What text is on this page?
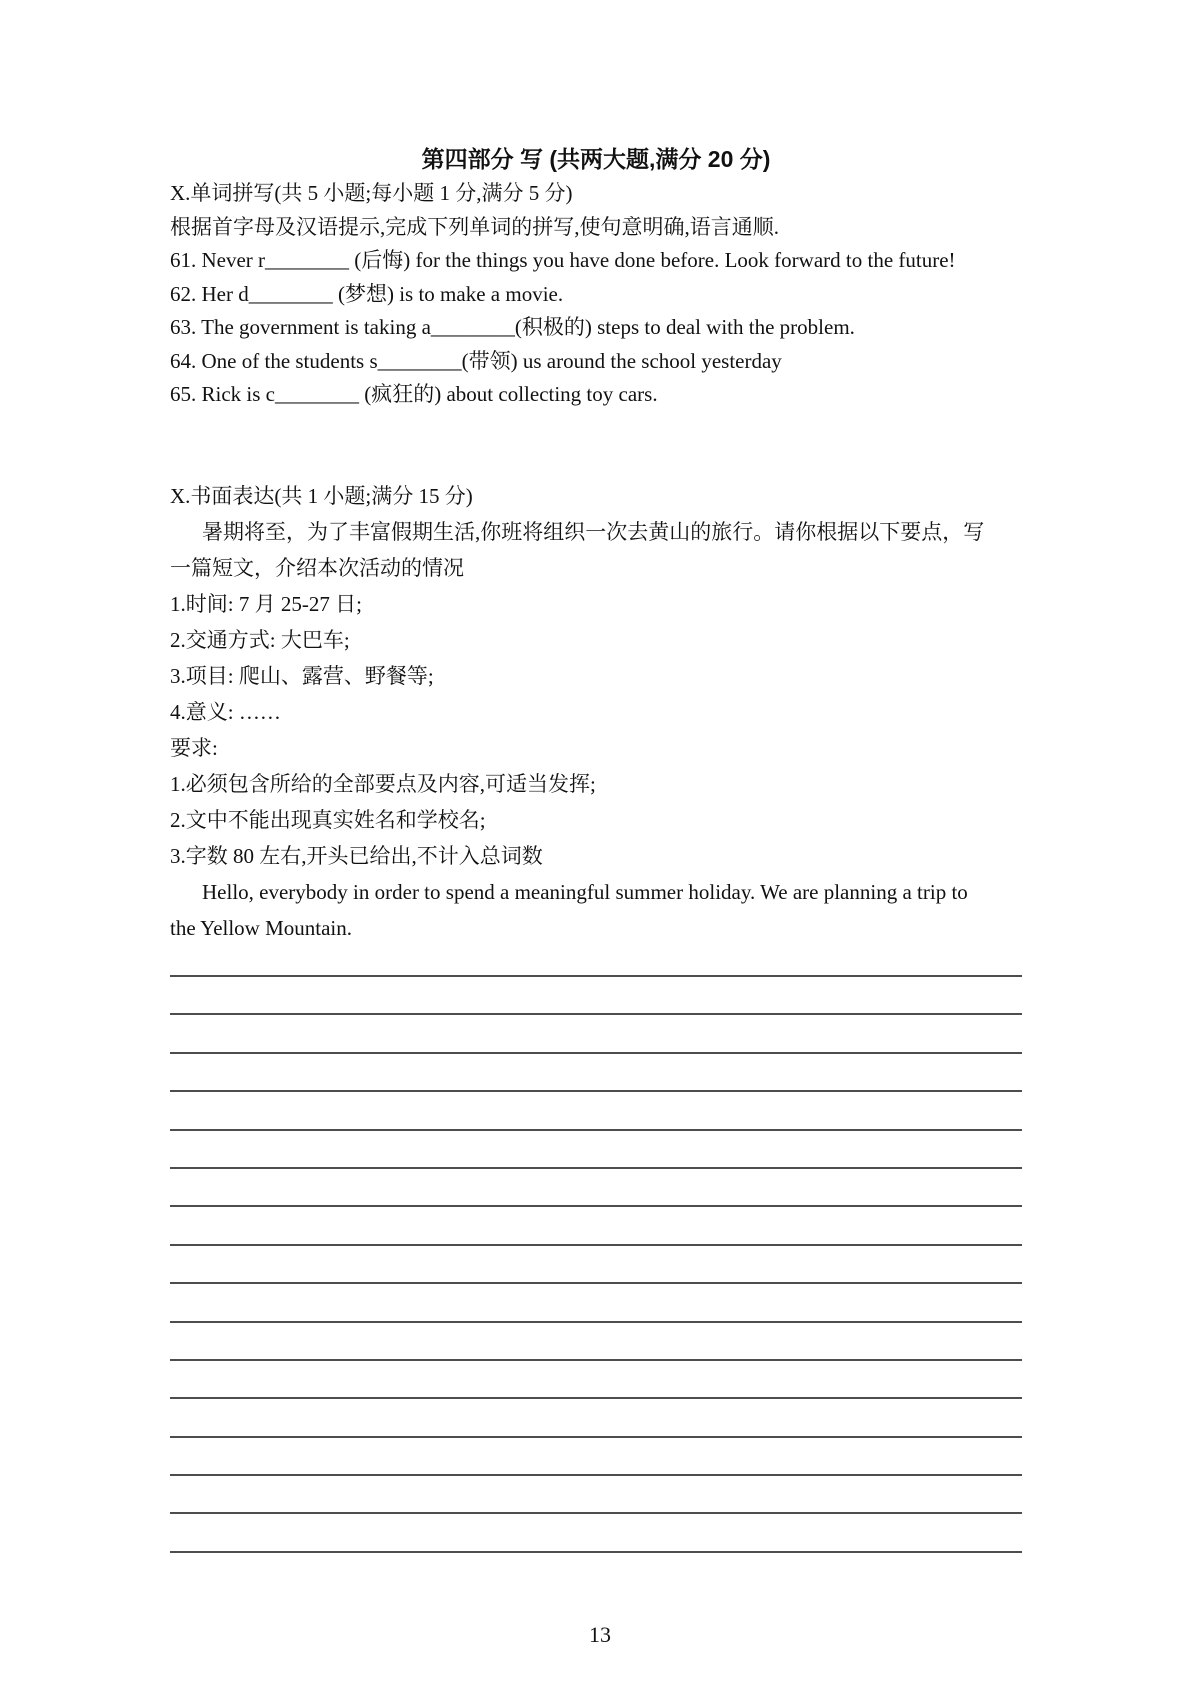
第四部分 写 (共两大题,满分 20 分)
X.单词拼写(共 5 小题;每小题 1 分,满分 5 分)
根据首字母及汉语提示,完成下列单词的拼写,使句意明确,语言通顺.
61. Never r________ (后悔) for the things you have done before. Look forward to the future!
62. Her d________ (梦想) is to make a movie.
63. The government is taking a________(积极的) steps to deal with the problem.
64. One of the students s________(带领) us around the school yesterday
65. Rick is c________ (疯狂的) about collecting toy cars.
X.书面表达(共 1 小题;满分 15 分)
暑期将至，为了丰富假期生活,你班将组织一次去黄山的旅行。请你根据以下要点，写
一篇短文，介绍本次活动的情况
1.时间: 7 月 25-27 日;
2.交通方式: 大巴车;
3.项目: 爬山、露营、野餐等;
4.意义: ……
要求:
1.必须包含所给的全部要点及内容,可适当发挥;
2.文中不能出现真实姓名和学校名;
3.字数 80 左右,开头已给出,不计入总词数
Hello, everybody in order to spend a meaningful summer holiday. We are planning a trip to
the Yellow Mountain.
13
